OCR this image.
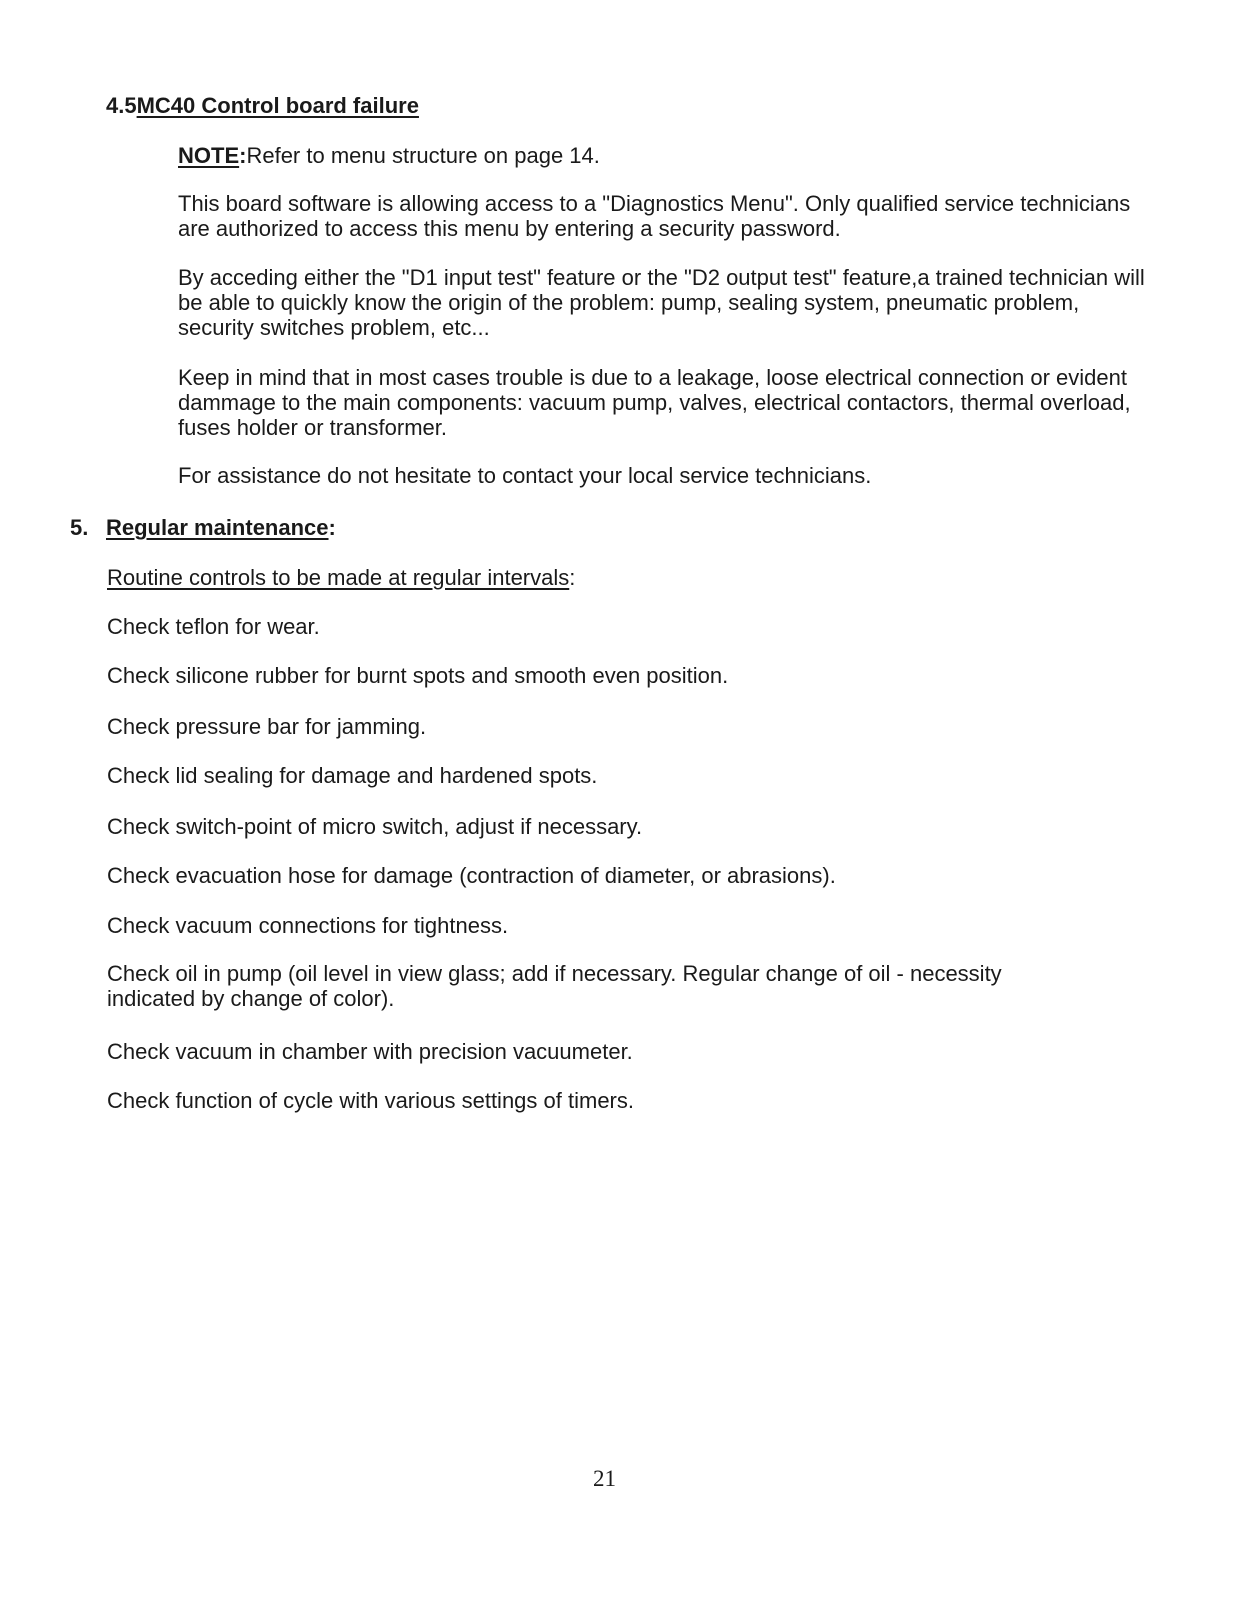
4.5MC40 Control board failure
NOTE:Refer to menu structure on page 14.
This board software is allowing access to a "Diagnostics Menu". Only qualified service technicians are authorized to access this menu by entering a security password.
By acceding either the "D1 input test" feature or the "D2 output test" feature,a trained technician will be able to quickly know the origin of the problem: pump, sealing system, pneumatic problem, security switches problem, etc...
Keep in mind that in most cases trouble is due to a leakage, loose electrical connection or evident dammage to the main components: vacuum pump, valves, electrical contactors, thermal overload, fuses holder or transformer.
For assistance do not hesitate to contact your local service technicians.
5. Regular maintenance:
Routine controls to be made at regular intervals:
Check teflon for wear.
Check silicone rubber for burnt spots and smooth even position.
Check pressure bar for jamming.
Check lid sealing for damage and hardened spots.
Check switch-point of micro switch, adjust if necessary.
Check evacuation hose for damage (contraction of diameter, or abrasions).
Check vacuum connections for tightness.
Check oil in pump (oil level in view glass; add if necessary. Regular change of oil - necessity indicated by change of color).
Check vacuum in chamber with precision vacuumeter.
Check function of cycle with various settings of timers.
21
